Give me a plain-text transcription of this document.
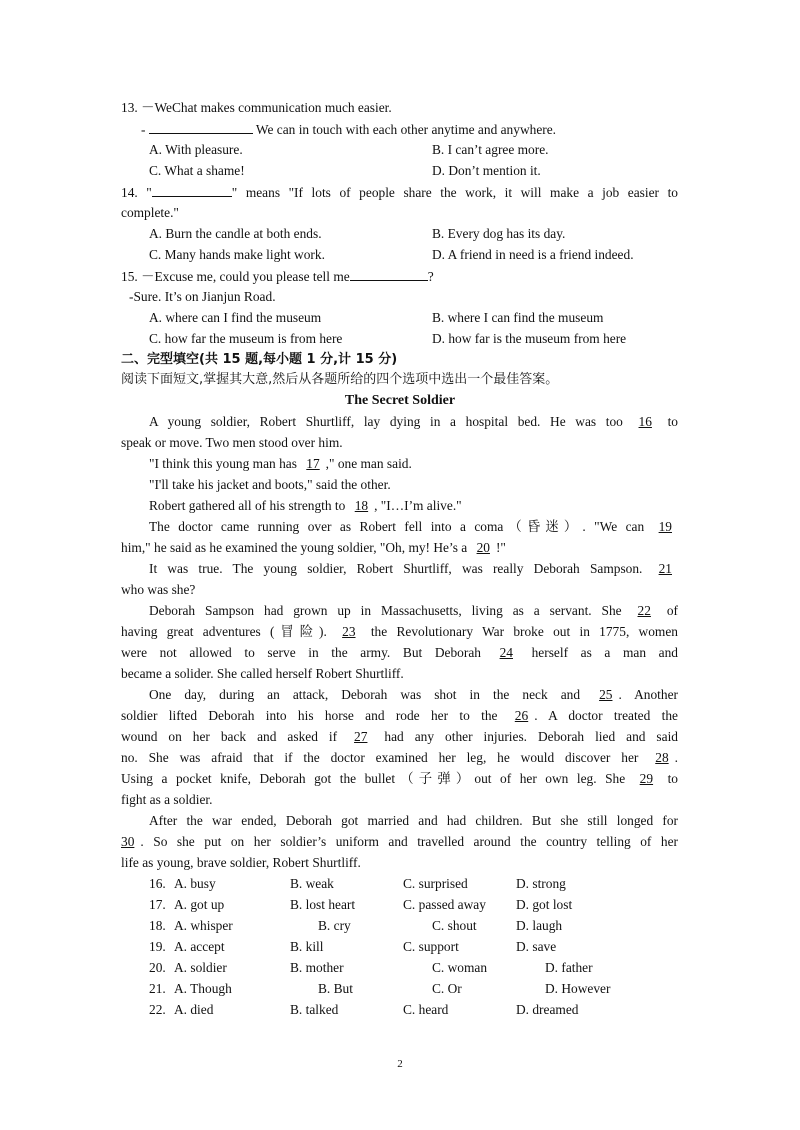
13. －WeChat makes communication much easier.
-	We can in touch with each other anytime and anywhere.
A. With pleasure.	B. I can’t agree more.
C. What a shame!	D. Don’t mention it.
14. "	" means "If lots of people share the work, it will make a job easier to
complete."
A. Burn the candle at both ends.	B. Every dog has its day.
C. Many hands make light work.	D. A friend in need is a friend indeed.
15. －Excuse me, could you please tell me	?
-Sure. It’s on Jianjun Road.
A. where can I find the museum	B. where I can find the museum
C. how far the museum is from here	D. how far is the museum from here
二、完型填空(共 15 题,每小题 1 分,计 15 分)
阅读下面短文,掌握其大意,然后从各题所给的四个选项中选出一个最佳答案。
The Secret Soldier
A young soldier, Robert Shurtliff, lay dying in a hospital bed. He was too 16 to
speak or move. Two men stood over him.
"I think this young man has 17 ," one man said.
"I'll take his jacket and boots," said the other.
Robert gathered all of his strength to 18 , "I…I’m alive."
The doctor came running over as Robert fell into a coma（昏迷）. "We can 19
him," he said as he examined the young soldier, "Oh, my! He’s a 20 !"
It was true. The young soldier, Robert Shurtliff, was really Deborah Sampson. 21
who was she?
Deborah Sampson had grown up in Massachusetts, living as a servant. She 22 of
having great adventures (冒险). 23 the Revolutionary War broke out in 1775, women
were not allowed to serve in the army. But Deborah 24 herself as a man and
became a solider. She called herself Robert Shurtliff.
One day, during an attack, Deborah was shot in the neck and 25 . Another
soldier lifted Deborah into his horse and rode her to the 26 . A doctor treated the
wound on her back and asked if 27 had any other injuries. Deborah lied and said
no. She was afraid that if the doctor examined her leg, he would discover her 28 .
Using a pocket knife, Deborah got the bullet（子弹）out of her own leg. She 29 to
fight as a soldier.
After the war ended, Deborah got married and had children. But she still longed for
30 . So she put on her soldier’s uniform and travelled around the country telling of her
life as young, brave soldier, Robert Shurtliff.
16. A. busy	B. weak	C. surprised	D. strong
17. A. got up	B. lost heart	C. passed away D. got lost
18. A. whisper	B. cry	C. shout	D. laugh
19. A. accept	B. kill	C. support	D. save
20. A. soldier	B. mother	C. woman	D. father
21. A. Though	B. But	C. Or	D. However
22. A. died	B. talked	C. heard	D. dreamed
2
